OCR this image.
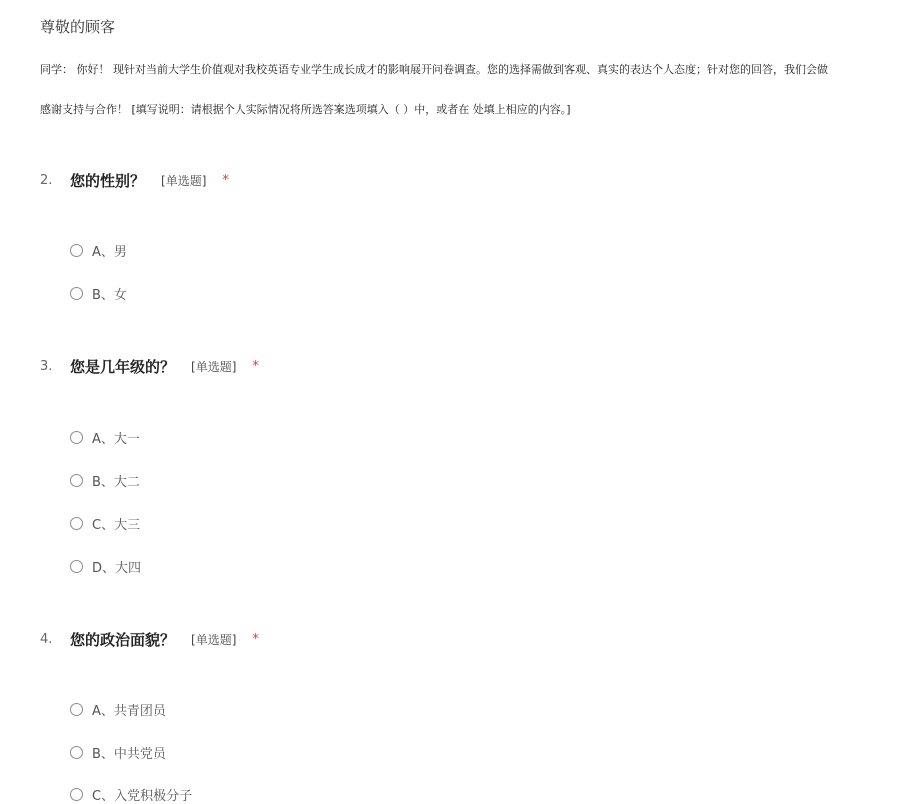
尊敬的顾客

同学： 你好！ 现针对当前大学生价值观对我校英语专业学生成长成才的影响展开问卷调查。您的选择需做到客观、真实的表达个人态度；针对您的回答，我们会做

感谢支持与合作！ [填写说明：请根据个人实际情况将所选答案选项填入（ ）中，或者在 处填上相应的内容。]

2.	您的性别？ [单选题] *
A、男
B、女
3.	您是几年级的？ [单选题] *
A、大一
B、大二
C、大三
D、大四
4.	您的政治面貌？ [单选题] *
A、共青团员
B、中共党员
C、入党积极分子
